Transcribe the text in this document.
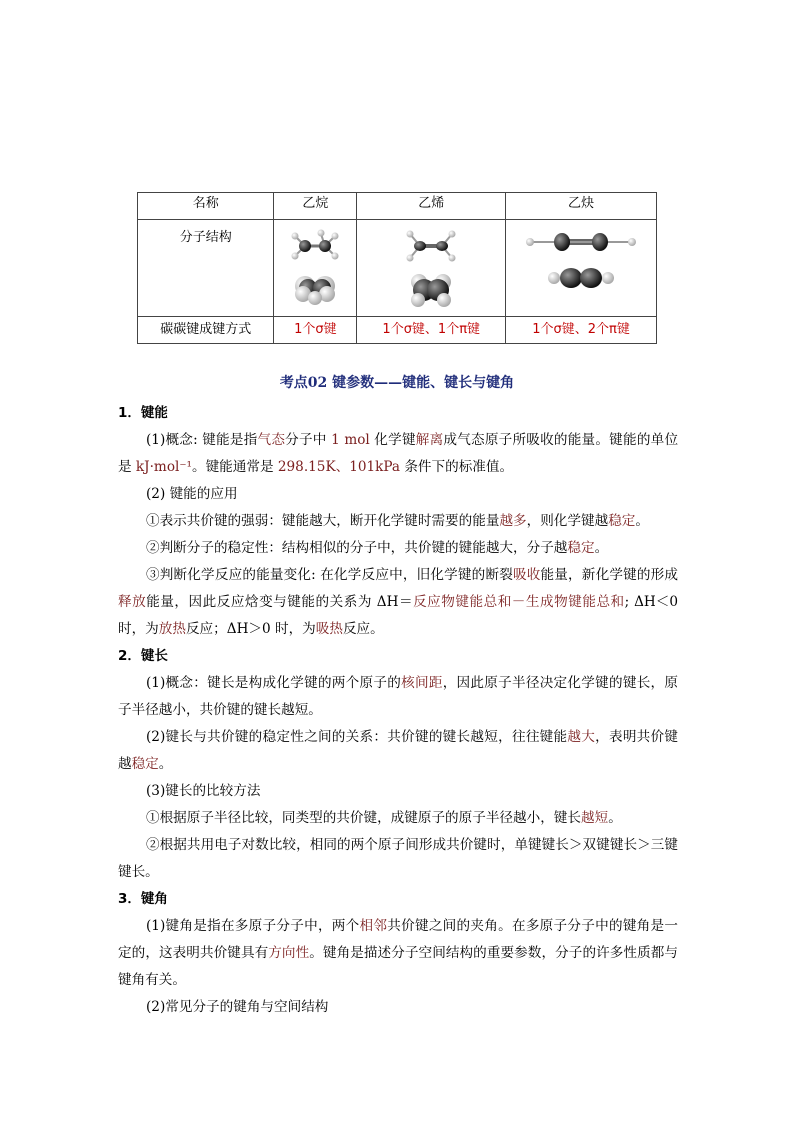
名称	乙烷	乙烯	乙炔

分子结构

碳碳键成键方式	1个σ键	1个σ键、1个π键	1个σ键、2个π键
考点02 键参数——键能、键长与键角

1．键能

(1)概念: 键能是指气态分子中 1 mol 化学键解离成气态原子所吸收的能量。键能的单位是 kJ·mol⁻¹。键能通常是 298.15K、101kPa 条件下的标准值。

(2) 键能的应用

①表示共价键的强弱：键能越大，断开化学键时需要的能量越多，则化学键越稳定。

②判断分子的稳定性：结构相似的分子中，共价键的键能越大，分子越稳定。

③判断化学反应的能量变化: 在化学反应中，旧化学键的断裂吸收能量，新化学键的形成释放能量，因此反应焓变与键能的关系为 ΔH＝反应物键能总和－生成物键能总和; ΔH＜0 时，为放热反应；ΔH＞0 时，为吸热反应。

2．键长

(1)概念：键长是构成化学键的两个原子的核间距，因此原子半径决定化学键的键长，原子半径越小，共价键的键长越短。

(2)键长与共价键的稳定性之间的关系：共价键的键长越短，往往键能越大，表明共价键越稳定。

(3)键长的比较方法

①根据原子半径比较，同类型的共价键，成键原子的原子半径越小，键长越短。

②根据共用电子对数比较，相同的两个原子间形成共价键时，单键键长＞双键键长＞三键键长。

3．键角

(1)键角是指在多原子分子中，两个相邻共价键之间的夹角。在多原子分子中的键角是一定的，这表明共价键具有方向性。键角是描述分子空间结构的重要参数，分子的许多性质都与键角有关。

(2)常见分子的键角与空间结构
